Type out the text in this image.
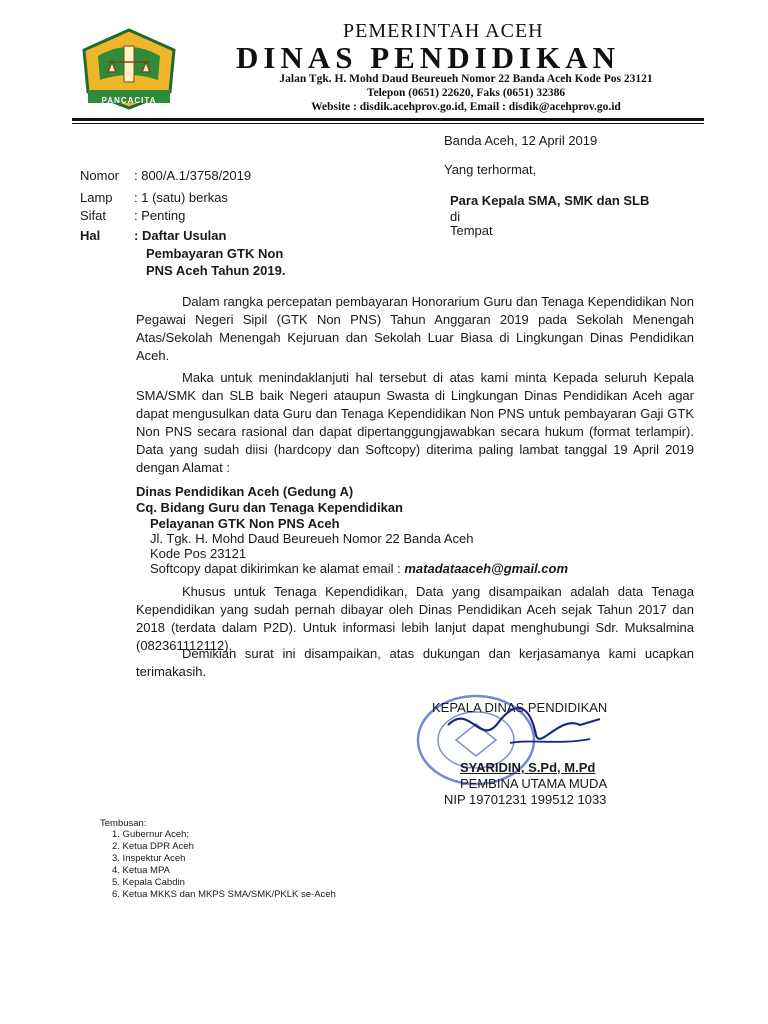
PANCACITA
PEMERINTAH ACEH
DINAS PENDIDIKAN
Jalan Tgk. H. Mohd Daud Beureueh Nomor 22 Banda Aceh Kode Pos 23121
Telepon (0651) 22620, Faks (0651) 32386
Website : disdik.acehprov.go.id, Email : disdik@acehprov.go.id
Banda Aceh, 12 April 2019
Yang terhormat,
Para Kepala SMA, SMK dan SLB
di
Tempat
Nomor : 800/A.1/3758/2019
Lamp : 1 (satu) berkas
Sifat : Penting
Hal	: Daftar Usulan
Pembayaran GTK Non
PNS Aceh Tahun 2019.
Dalam rangka percepatan pembayaran Honorarium Guru dan Tenaga Kependidikan Non Pegawai Negeri Sipil (GTK Non PNS) Tahun Anggaran 2019 pada Sekolah Menengah Atas/Sekolah Menengah Kejuruan dan Sekolah Luar Biasa di Lingkungan Dinas Pendidikan Aceh.
Maka untuk menindaklanjuti hal tersebut di atas kami minta Kepada seluruh Kepala SMA/SMK dan SLB baik Negeri ataupun Swasta di Lingkungan Dinas Pendidikan Aceh agar dapat mengusulkan data Guru dan Tenaga Kependidikan Non PNS untuk pembayaran Gaji GTK Non PNS secara rasional dan dapat dipertanggungjawabkan secara hukum (format terlampir). Data yang sudah diisi (hardcopy dan Softcopy) diterima paling lambat tanggal 19 April 2019 dengan Alamat :
Dinas Pendidikan Aceh (Gedung A)
Cq. Bidang Guru dan Tenaga Kependidikan
Pelayanan GTK Non PNS Aceh
Jl. Tgk. H. Mohd Daud Beureueh Nomor 22 Banda Aceh
Kode Pos 23121
Softcopy dapat dikirimkan ke alamat email : matadataaceh@gmail.com
Khusus untuk Tenaga Kependidikan, Data yang disampaikan adalah data Tenaga Kependidikan yang sudah pernah dibayar oleh Dinas Pendidikan Aceh sejak Tahun 2017 dan 2018 (terdata dalam P2D). Untuk informasi lebih lanjut dapat menghubungi Sdr. Muksalmina (082361112112).
Demikian surat ini disampaikan, atas dukungan dan kerjasamanya kami ucapkan terimakasih.
KEPALA DINAS PENDIDIKAN
SYARIDIN, S.Pd, M.Pd
PEMBINA UTAMA MUDA
NIP 19701231 199512 1033
Tembusan:
1. Gubernur Aceh;
2. Ketua DPR Aceh
3. Inspektur Aceh
4. Ketua MPA
5. Kepala Cabdin
6. Ketua MKKS dan MKPS SMA/SMK/PKLK se-Aceh
